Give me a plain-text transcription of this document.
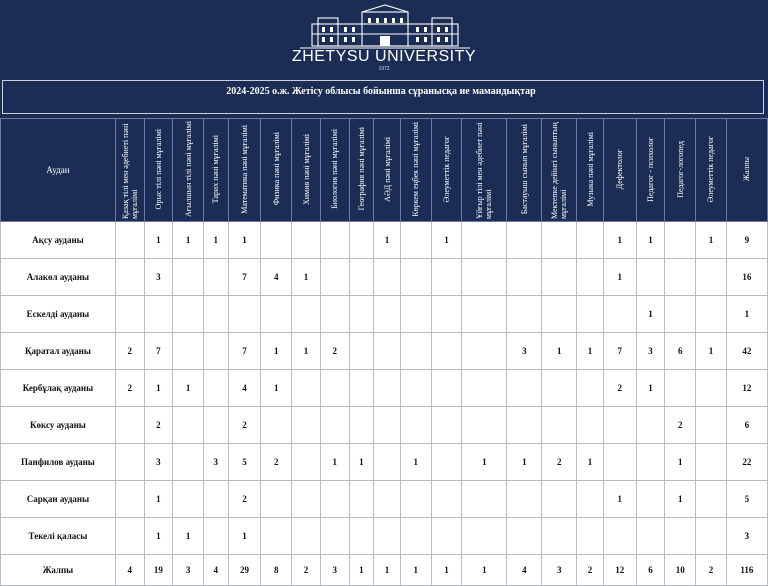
ZHETYSU UNIVERSITY
1972
2024-2025 о.ж. Жетісу облысы бойынша сұранысқа ие мамандықтар
Аудан	Қазақ тілі мен әдебиеті пәні мұғалімі	Орыс тілі пәні мұғалімі	Ағылшын тілі пәні мұғалімі	Тарих пәні мұғалімі	Математика пәні мұғалімі	Физика пәні мұғалімі	Химия пәні мұғалімі	Биология пәні мұғалімі	География пәні мұғалімі	АӘД пәні мұғалімі	Көркем еңбек пәні мұғалімі	Әлеуметтік педагог	Ұйғыр тілі мен әдебиет пәні мұғалімі	Бастауыш сынып мұғалімі	Мектепке дейінгі сыныптың мұғалімі	Музыка пәні мұғалімі	Дефектолог	Педагог - психолог	Педагог-логопед	Әлеуметтік педагог	Жалпы
Ақсу ауданы		1	1	1	1					1		1					1	1		1	9
Алакөл ауданы		3			7	4	1										1				16
Ескелді ауданы																		1			1
Қаратал ауданы	2	7			7	1	1	2						3	1	1	7	3	6	1	42
Кербұлақ ауданы	2	1	1		4	1											2	1			12
Көксу ауданы		2			2														2		6
Панфилов ауданы		3		3	5	2		1	1		1		1	1	2	1			1		22
Сарқан ауданы		1			2												1		1		5
Текелі қаласы		1	1		1																3
Жалпы	4	19	3	4	29	8	2	3	1	1	1	1	1	4	3	2	12	6	10	2	116
